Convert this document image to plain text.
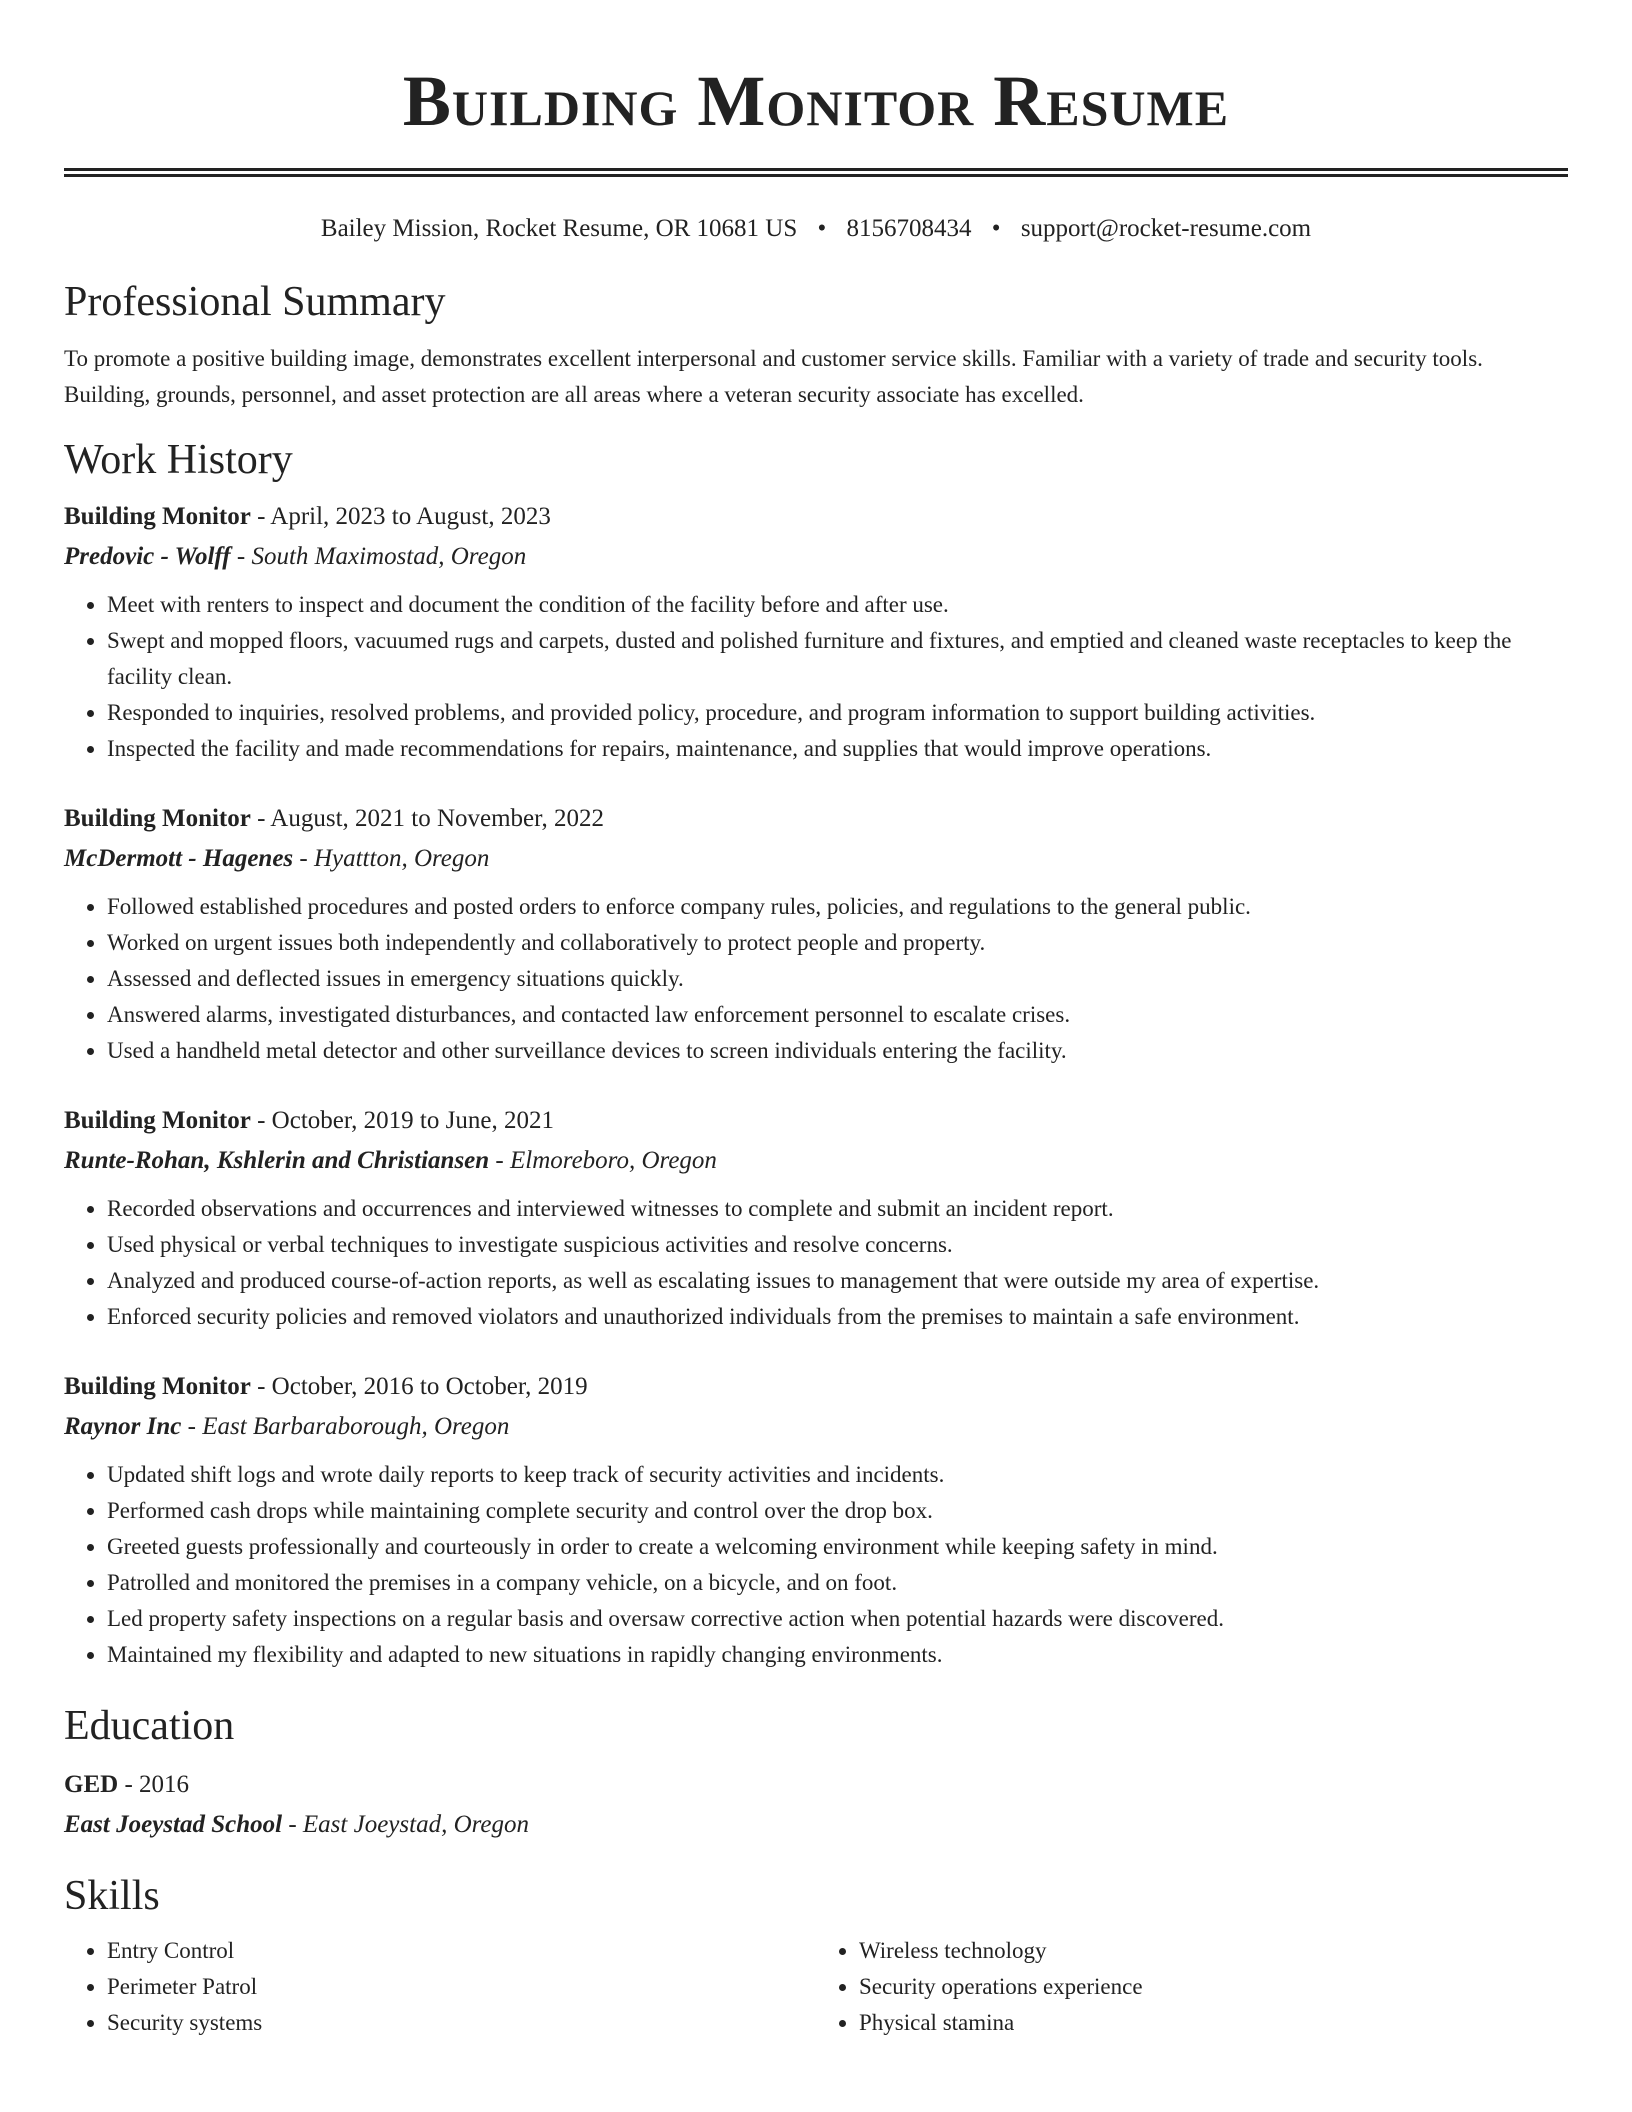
Building Monitor Resume
Bailey Mission, Rocket Resume, OR 10681 US • 8156708434 • support@rocket-resume.com
Professional Summary

To promote a positive building image, demonstrates excellent interpersonal and customer service skills. Familiar with a variety of trade and security tools. Building, grounds, personnel, and asset protection are all areas where a veteran security associate has excelled.

Work History
Building Monitor - April, 2023 to August, 2023
Predovic - Wolff - South Maximostad, Oregon
• Meet with renters to inspect and document the condition of the facility before and after use.
• Swept and mopped floors, vacuumed rugs and carpets, dusted and polished furniture and fixtures, and emptied and cleaned waste receptacles to keep the facility clean.
• Responded to inquiries, resolved problems, and provided policy, procedure, and program information to support building activities.
• Inspected the facility and made recommendations for repairs, maintenance, and supplies that would improve operations.
Building Monitor - August, 2021 to November, 2022
McDermott - Hagenes - Hyattton, Oregon
• Followed established procedures and posted orders to enforce company rules, policies, and regulations to the general public.
• Worked on urgent issues both independently and collaboratively to protect people and property.
• Assessed and deflected issues in emergency situations quickly.
• Answered alarms, investigated disturbances, and contacted law enforcement personnel to escalate crises.
• Used a handheld metal detector and other surveillance devices to screen individuals entering the facility.
Building Monitor - October, 2019 to June, 2021
Runte-Rohan, Kshlerin and Christiansen - Elmoreboro, Oregon
• Recorded observations and occurrences and interviewed witnesses to complete and submit an incident report.
• Used physical or verbal techniques to investigate suspicious activities and resolve concerns.
• Analyzed and produced course-of-action reports, as well as escalating issues to management that were outside my area of expertise.
• Enforced security policies and removed violators and unauthorized individuals from the premises to maintain a safe environment.
Building Monitor - October, 2016 to October, 2019
Raynor Inc - East Barbaraborough, Oregon
• Updated shift logs and wrote daily reports to keep track of security activities and incidents.
• Performed cash drops while maintaining complete security and control over the drop box.
• Greeted guests professionally and courteously in order to create a welcoming environment while keeping safety in mind.
• Patrolled and monitored the premises in a company vehicle, on a bicycle, and on foot.
• Led property safety inspections on a regular basis and oversaw corrective action when potential hazards were discovered.
• Maintained my flexibility and adapted to new situations in rapidly changing environments.
Education
GED - 2016
East Joeystad School - East Joeystad, Oregon
Skills
• Entry Control
• Perimeter Patrol
• Security systems
• Wireless technology
• Security operations experience
• Physical stamina
